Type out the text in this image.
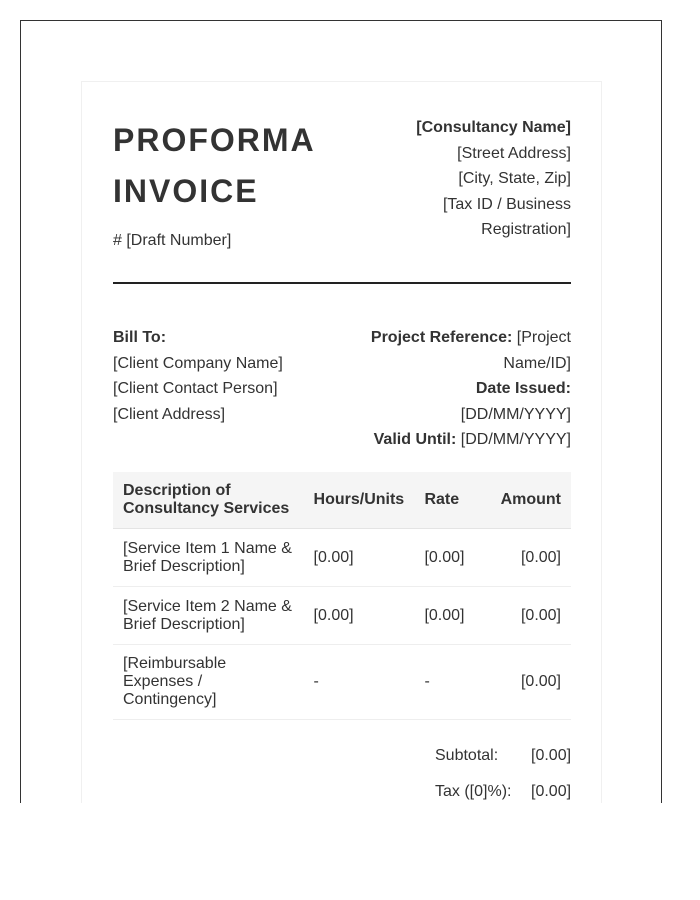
PROFORMA
INVOICE
# [Draft Number]
[Consultancy Name]
[Street Address]
[City, State, Zip]
[Tax ID / Business
Registration]
Bill To:
[Client Company Name]
[Client Contact Person]
[Client Address]
Project Reference: [Project
Name/ID]
Date Issued:
[DD/MM/YYYY]
Valid Until: [DD/MM/YYYY]
Description of
Consultancy Services	Hours/Units	Rate	Amount
[Service Item 1 Name &
Brief Description]	[0.00]	[0.00]	[0.00]
[Service Item 2 Name &
Brief Description]	[0.00]	[0.00]	[0.00]
[Reimbursable Expenses /
Contingency]	-	-	[0.00]
Subtotal:	[0.00]
Tax ([0]%):	[0.00]
